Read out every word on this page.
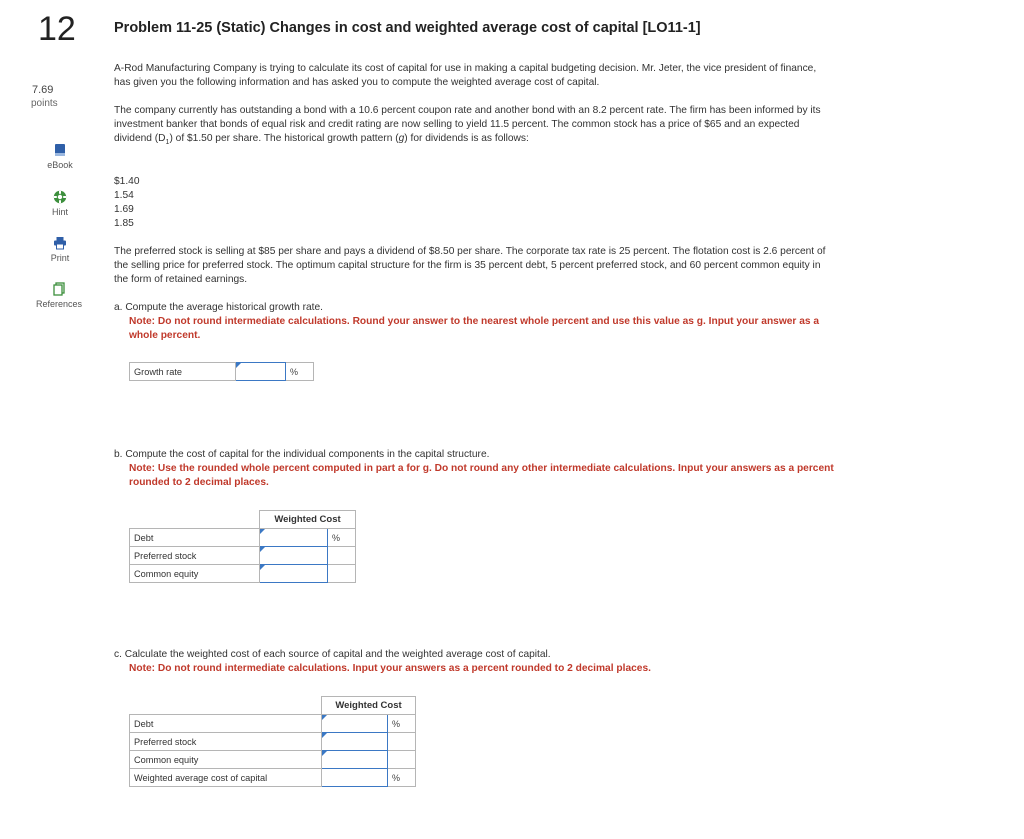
12
7.69
points
eBook
Hint
Print
References
Problem 11-25 (Static) Changes in cost and weighted average cost of capital [LO11-1]
A-Rod Manufacturing Company is trying to calculate its cost of capital for use in making a capital budgeting decision. Mr. Jeter, the vice president of finance, has given you the following information and has asked you to compute the weighted average cost of capital.
The company currently has outstanding a bond with a 10.6 percent coupon rate and another bond with an 8.2 percent rate. The firm has been informed by its investment banker that bonds of equal risk and credit rating are now selling to yield 11.5 percent. The common stock has a price of $65 and an expected dividend $(D_1)$ of $1.50 per share. The historical growth pattern (g) for dividends is as follows:
$1.40
1.54
1.69
1.85
The preferred stock is selling at $85 per share and pays a dividend of $8.50 per share. The corporate tax rate is 25 percent. The flotation cost is 2.6 percent of the selling price for preferred stock. The optimum capital structure for the firm is 35 percent debt, 5 percent preferred stock, and 60 percent common equity in the form of retained earnings.
a. Compute the average historical growth rate.
Note: Do not round intermediate calculations. Round your answer to the nearest whole percent and use this value as g. Input your answer as a whole percent.
Growth rate		%
b. Compute the cost of capital for the individual components in the capital structure.
Note: Use the rounded whole percent computed in part a for g. Do not round any other intermediate calculations. Input your answers as a percent rounded to 2 decimal places.
	Weighted Cost	
Debt		%
Preferred stock	

Common equity	

c. Calculate the weighted cost of each source of capital and the weighted average cost of capital.
Note: Do not round intermediate calculations. Input your answers as a percent rounded to 2 decimal places.
	Weighted Cost	
Debt		%
Preferred stock	

Common equity	

Weighted average cost of capital		%
